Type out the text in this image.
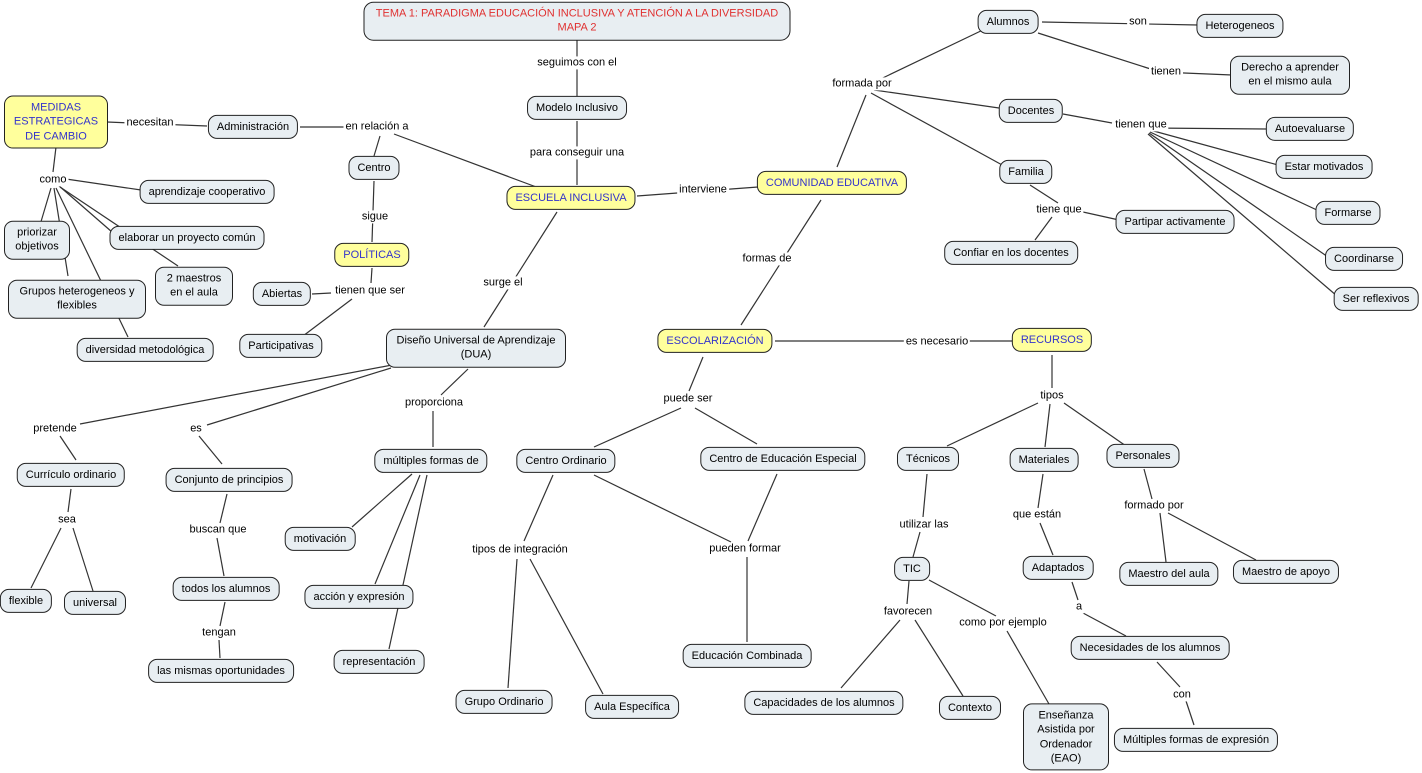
TEMA 1: PARADIGMA EDUCACIÓN INCLUSIVA Y ATENCIÓN A LA DIVERSIDAD MAPA 2
Modelo Inclusivo
ESCUELA INCLUSIVA
COMUNIDAD EDUCATIVA
Alumnos	Heterogeneos
Derecho a aprender en el mismo aula
Docentes
Autoevaluarse
Estar motivados
Formarse
Coordinarse
Ser reflexivos
Familia
Partipar activamente
Confiar en los docentes
MEDIDAS ESTRATEGICAS DE CAMBIO
Administración
Centro
POLÍTICAS
Abiertas
Participativas
aprendizaje cooperativo
priorizar objetivos
elaborar un proyecto común
2 maestros en el aula
Grupos heterogeneos y flexibles
diversidad metodológica
Diseño Universal de Aprendizaje (DUA)
Currículo ordinario
flexible	universal
Conjunto de principios
todos los alumnos
las mismas oportunidades
múltiples formas de
motivación
acción y expresión
representación
ESCOLARIZACIÓN
Centro Ordinario	Centro de Educación Especial
Grupo Ordinario	Aula Específica
Educación Combinada
RECURSOS
Técnicos	Materiales	Personales
TIC
Capacidades de los alumnos	Contexto
Enseñanza Asistida por Ordenador (EAO)
Adaptados
Necesidades de los alumnos
Múltiples formas de expresión
Maestro del aula	Maestro de apoyo
seguimos con el
para conseguir una
interviene
formada por
son
tienen
tienen que
tiene que
necesitan	en relación a
sigue
tienen que ser
como
surge el
formas de
es necesario
puede ser	tipos
pretende	es
proporciona
sea
buscan que
tengan
tipos de integración	pueden formar
utilizar las
favorecen
como por ejemplo
que están
a
formado por
con
